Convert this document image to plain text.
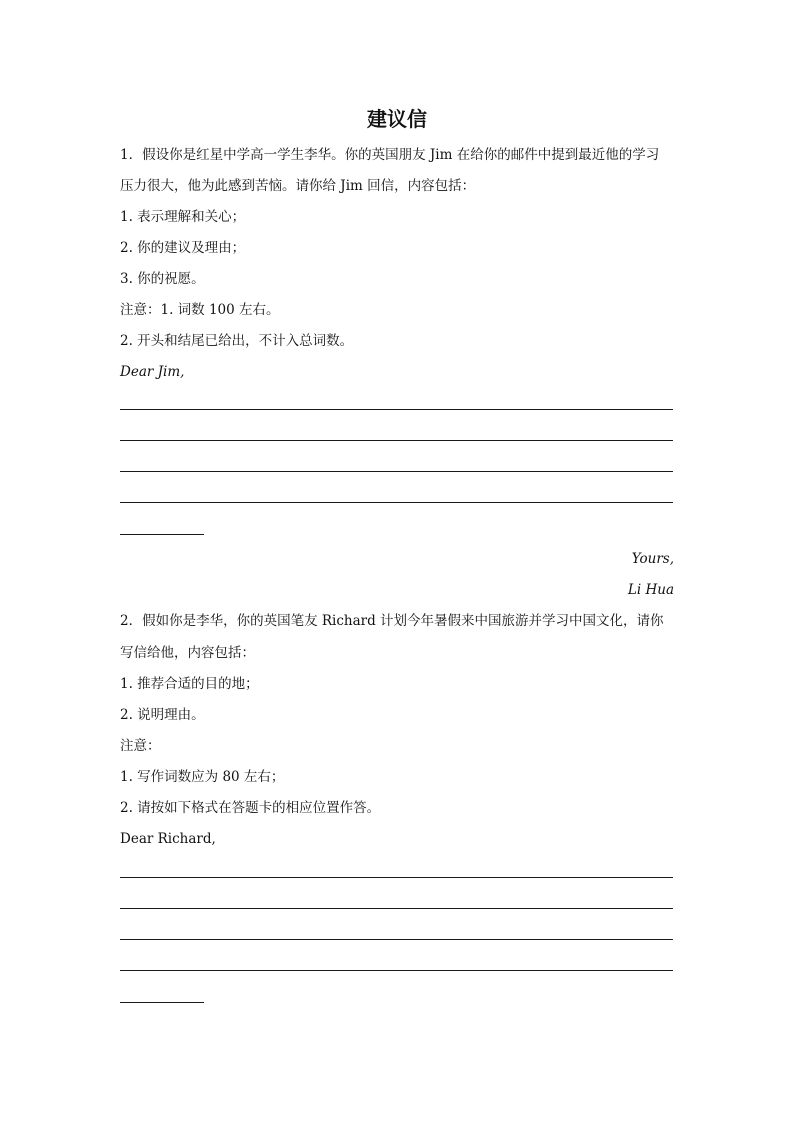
建议信
1．假设你是红星中学高一学生李华。你的英国朋友 Jim 在给你的邮件中提到最近他的学习
压力很大，他为此感到苦恼。请你给 Jim 回信，内容包括：
1. 表示理解和关心；
2. 你的建议及理由；
3. 你的祝愿。
注意：1. 词数 100 左右。
2. 开头和结尾已给出，不计入总词数。
Dear Jim,
Yours,
Li Hua
2．假如你是李华，你的英国笔友 Richard 计划今年暑假来中国旅游并学习中国文化，请你
写信给他，内容包括：
1. 推荐合适的目的地；
2. 说明理由。
注意：
1. 写作词数应为 80 左右；
2. 请按如下格式在答题卡的相应位置作答。
Dear Richard,
